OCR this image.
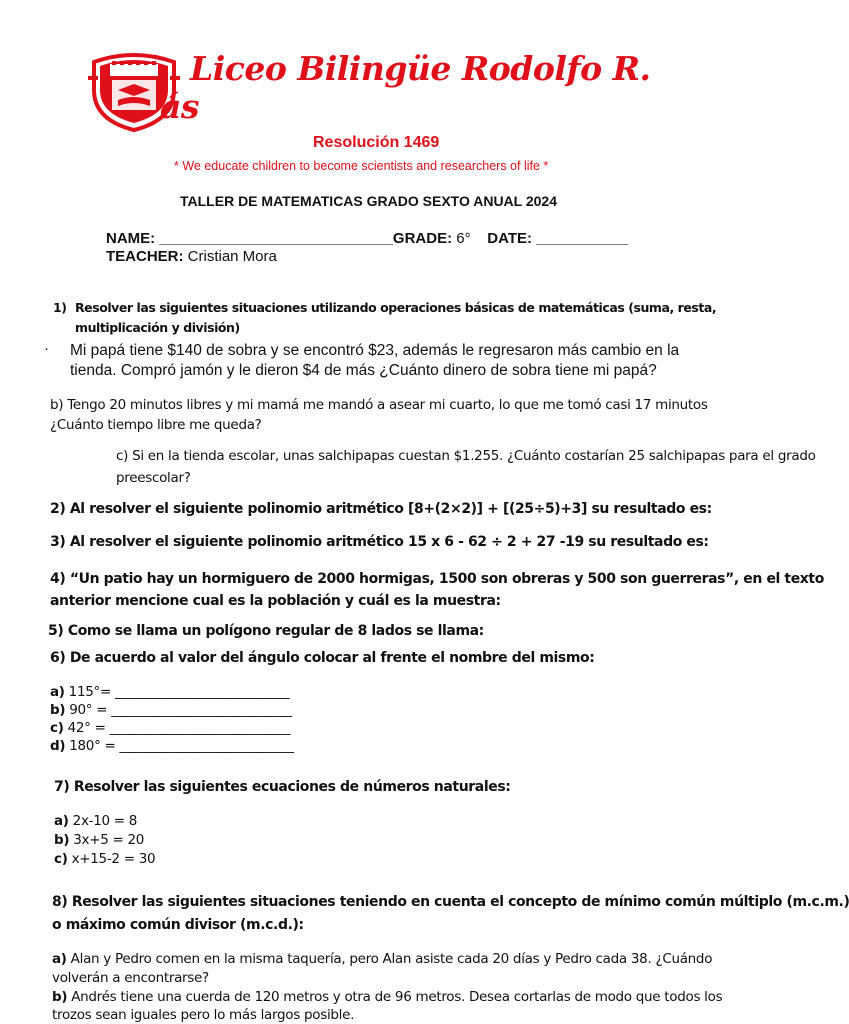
Liceo Bilingüe Rodolfo R.
ás
Resolución 1469
* We educate children to become scientists and researchers of life *
TALLER DE MATEMATICAS GRADO SEXTO ANUAL 2024
NAME: ____________________________GRADE: 6° DATE: ___________
TEACHER: Cristian Mora
1) Resolver las siguientes situaciones utilizando operaciones básicas de matemáticas (suma, resta,
multiplicación y división)
· Mi papá tiene $140 de sobra y se encontró $23, además le regresaron más cambio en la
tienda. Compró jamón y le dieron $4 de más ¿Cuánto dinero de sobra tiene mi papá?
b) Tengo 20 minutos libres y mi mamá me mandó a asear mi cuarto, lo que me tomó casi 17 minutos
¿Cuánto tiempo libre me queda?
c) Si en la tienda escolar, unas salchipapas cuestan $1.255. ¿Cuánto costarían 25 salchipapas para el grado
preescolar?
2) Al resolver el siguiente polinomio aritmético [8+(2×2)] + [(25÷5)+3] su resultado es:
3) Al resolver el siguiente polinomio aritmético 15 x 6 - 62 ÷ 2 + 27 -19 su resultado es:
4) “Un patio hay un hormiguero de 2000 hormigas, 1500 son obreras y 500 son guerreras”, en el texto
anterior mencione cual es la población y cuál es la muestra:
5) Como se llama un polígono regular de 8 lados se llama:
6) De acuerdo al valor del ángulo colocar al frente el nombre del mismo:
a) 115°= ___________________________
b) 90° = ____________________________
c) 42° = ____________________________
d) 180° = ___________________________
7) Resolver las siguientes ecuaciones de números naturales:
a) 2x-10 = 8
b) 3x+5 = 20
c) x+15-2 = 30
8) Resolver las siguientes situaciones teniendo en cuenta el concepto de mínimo común múltiplo (m.c.m.)
o máximo común divisor (m.c.d.):
a) Alan y Pedro comen en la misma taquería, pero Alan asiste cada 20 días y Pedro cada 38. ¿Cuándo
volverán a encontrarse?
b) Andrés tiene una cuerda de 120 metros y otra de 96 metros. Desea cortarlas de modo que todos los
trozos sean iguales pero lo más largos posible.
